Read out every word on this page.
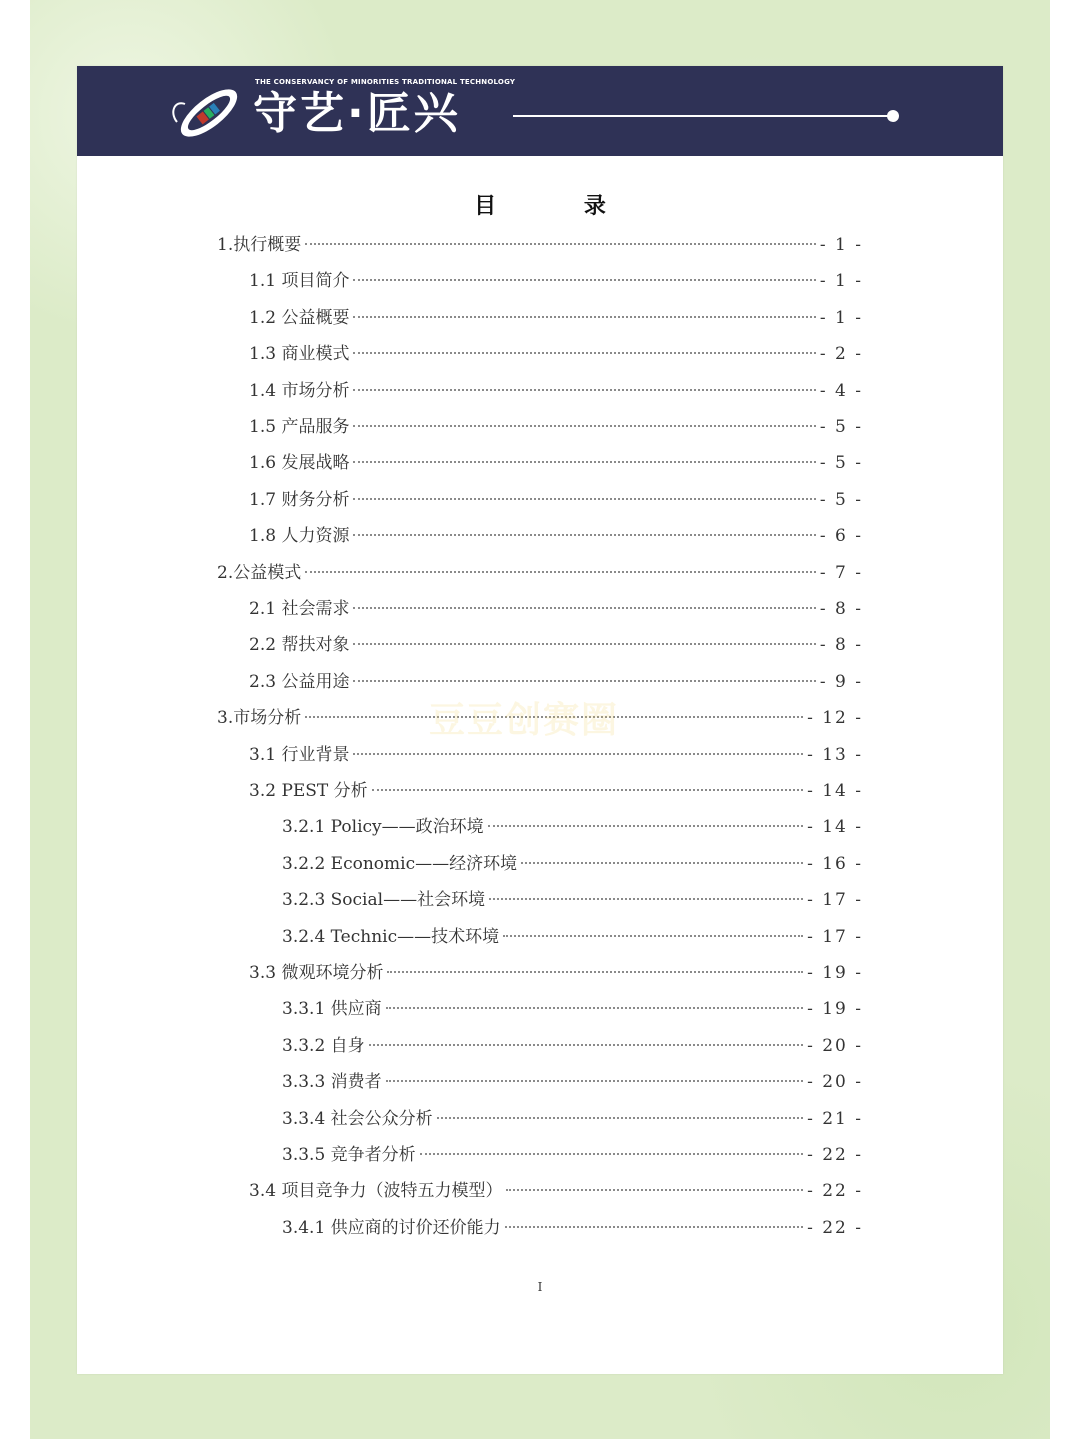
THE CONSERVANCY OF MINORITIES TRADITIONAL TECHNOLOGY
守艺·匠兴
目 录
1.执行概要	- 1 -
1.1 项目简介	- 1 -
1.2 公益概要	- 1 -
1.3 商业模式	- 2 -
1.4 市场分析	- 4 -
1.5 产品服务	- 5 -
1.6 发展战略	- 5 -
1.7 财务分析	- 5 -
1.8 人力资源	- 6 -
2.公益模式	- 7 -
2.1 社会需求	- 8 -
2.2 帮扶对象	- 8 -
2.3 公益用途	- 9 -
3.市场分析	- 12 -
3.1 行业背景	- 13 -
3.2 PEST 分析	- 14 -
3.2.1 Policy——政治环境	- 14 -
3.2.2 Economic——经济环境	- 16 -
3.2.3 Social——社会环境	- 17 -
3.2.4 Technic——技术环境	- 17 -
3.3 微观环境分析	- 19 -
3.3.1 供应商	- 19 -
3.3.2 自身	- 20 -
3.3.3 消费者	- 20 -
3.3.4 社会公众分析	- 21 -
3.3.5 竞争者分析	- 22 -
3.4 项目竞争力（波特五力模型）	- 22 -
3.4.1 供应商的讨价还价能力	- 22 -
豆豆创赛圈
I
